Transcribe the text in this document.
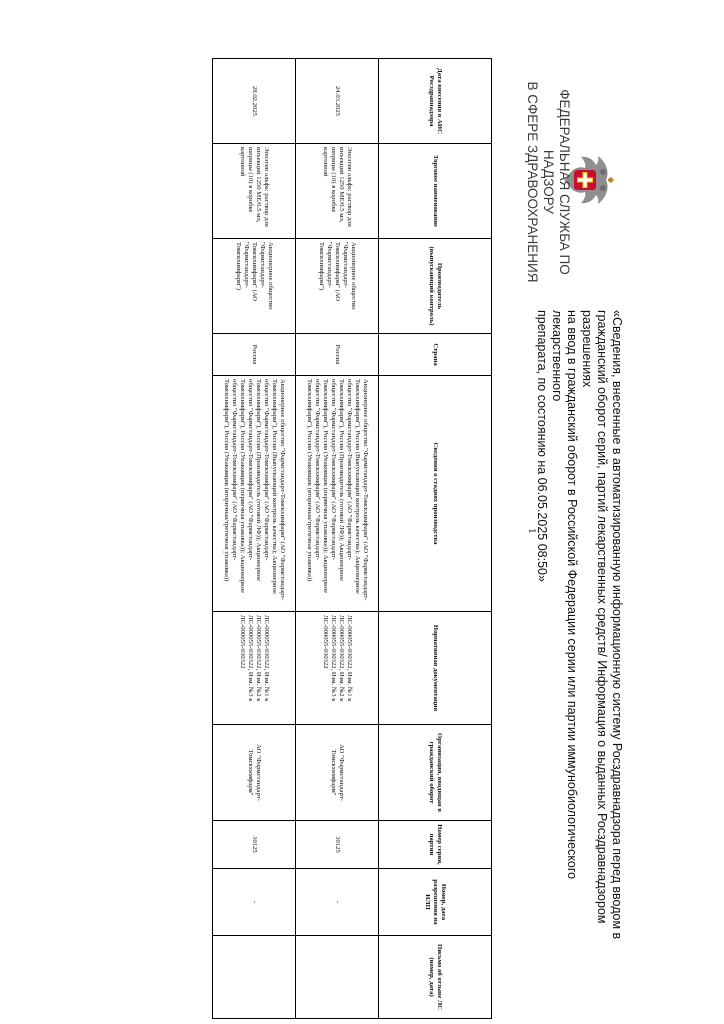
ФЕДЕРАЛЬНАЯ СЛУЖБА ПО НАДЗОРУ
В СФЕРЕ ЗДРАВООХРАНЕНИЯ
«Сведения, внесенные в автоматизированную информационную систему Росздравнадзора перед вводом в
гражданский оборот серий, партий лекарственных средств/ Информация о выданных Росздравнадзором разрешениях
на ввод в гражданский оборот в Российской Федерации серии или партии иммунобиологического лекарственного
препарата, по состоянию на 06.05.2025 08:50»
Дата внесения в АИС Росздравнадзора	Торговое наименование	Производитель (выпускающий контроль)	Страна	Сведения о стадиях производства	Нормативная документация	Организация, вводящая в гражданский оборот	Номер серии, партии	Номер, дата разрешения на ИЛП	Письмо об отзыве ЛС (номер, дата)
24.03.2025	Эпоэтин альфа: раствор для инъекций 1250 МЕ/0.5 мл, шприцы (10) в коробке картонной	Акционерное общество "Фармстандарт-Томскхимфарм" (АО "Фармстандарт-Томскхимфарм")	Россия	Акционерное общество "Фармстандарт-Томскхимфарм" (АО "Фармстандарт-Томскхимфарм"), Россия (Выпускающий контроль качества); Акционерное общество "Фармстандарт-Томскхимфарм" (АО "Фармстандарт-Томскхимфарм"), Россия (Производитель (готовой ЛФ)); Акционерное общество "Фармстандарт-Томскхимфарм" (АО "Фармстандарт-Томскхимфарм"), Россия (Упаковщик (первичная упаковка)); Акционерное общество "Фармстандарт-Томскхимфарм" (АО "Фармстандарт-Томскхимфарм"), Россия (Упаковщик (вторичная/третичная упаковка))	ЛС-000055-030322, Изм. №1 к ЛС-000055-030322, Изм. №2 к ЛС-000055-030322, Изм. №3 к ЛС-000055-030322	АО "Фармстандарт-Томскхимфарм"	30125	-	
28.02.2025	Эпоэтин альфа: раствор для инъекций 1250 МЕ/0.5 мл, шприцы (10) в коробке картонной	Акционерное общество "Фармстандарт-Томскхимфарм" (АО "Фармстандарт-Томскхимфарм")	Россия	Акционерное общество "Фармстандарт-Томскхимфарм" (АО "Фармстандарт-Томскхимфарм"), Россия (Выпускающий контроль качества); Акционерное общество "Фармстандарт-Томскхимфарм" (АО "Фармстандарт-Томскхимфарм"), Россия (Производитель (готовой ЛФ)); Акционерное общество "Фармстандарт-Томскхимфарм" (АО "Фармстандарт-Томскхимфарм"), Россия (Упаковщик (первичная упаковка)); Акционерное общество "Фармстандарт-Томскхимфарм" (АО "Фармстандарт-Томскхимфарм"), Россия (Упаковщик (вторичная/третичная упаковка))	ЛС-000055-030322, Изм. №1 к ЛС-000055-030322, Изм. №2 к ЛС-000055-030322, Изм. №3 к ЛС-000055-030322	АО "Фармстандарт-Томскхимфарм"	30125	-	
1
